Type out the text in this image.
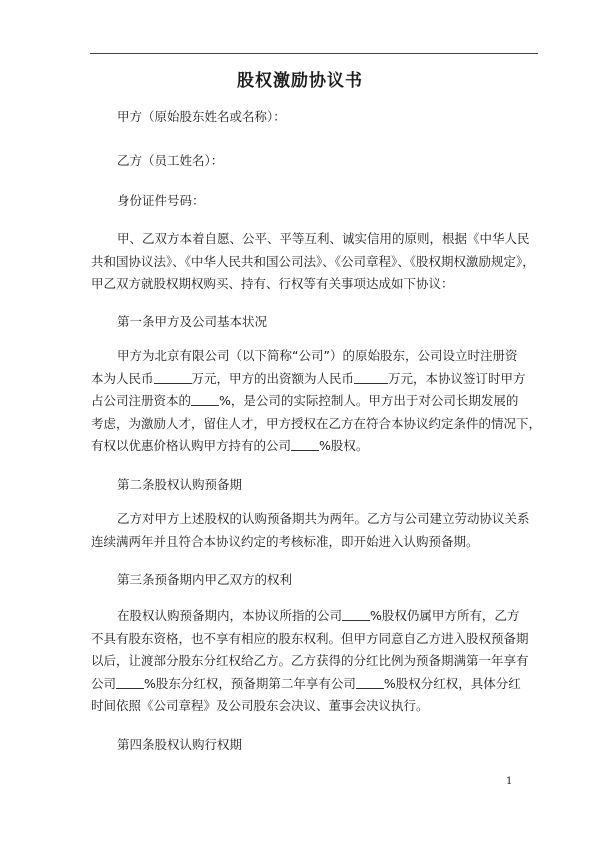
股权激励协议书
甲方（原始股东姓名或名称）：
乙方（员工姓名）：
身份证件号码：

甲、乙双方本着自愿、公平、平等互利、诚实信用的原则，根据《中华人民

共和国协议法》、《中华人民共和国公司法》、《公司章程》、《股权期权激励规定》，

甲乙双方就股权期权购买、持有、行权等有关事项达成如下协议：

第一条甲方及公司基本状况

甲方为北京有限公司（以下简称“公司”）的原始股东，公司设立时注册资

本为人民币	万元，甲方的出资额为人民币	万元，本协议签订时甲方

占公司注册资本的 %，是公司的实际控制人。甲方出于对公司长期发展的

考虑，为激励人才，留住人才，甲方授权在乙方在符合本协议约定条件的情况下，

有权以优惠价格认购甲方持有的公司 %股权。

第二条股权认购预备期

乙方对甲方上述股权的认购预备期共为两年。乙方与公司建立劳动协议关系

连续满两年并且符合本协议约定的考核标准，即开始进入认购预备期。

第三条预备期内甲乙双方的权利

在股权认购预备期内，本协议所指的公司 %股权仍属甲方所有，乙方

不具有股东资格，也不享有相应的股东权利。但甲方同意自乙方进入股权预备期

以后，让渡部分股东分红权给乙方。乙方获得的分红比例为预备期满第一年享有

公司 %股东分红权，预备期第二年享有公司 %股权分红权，具体分红

时间依照《公司章程》及公司股东会决议、董事会决议执行。

第四条股权认购行权期
1
